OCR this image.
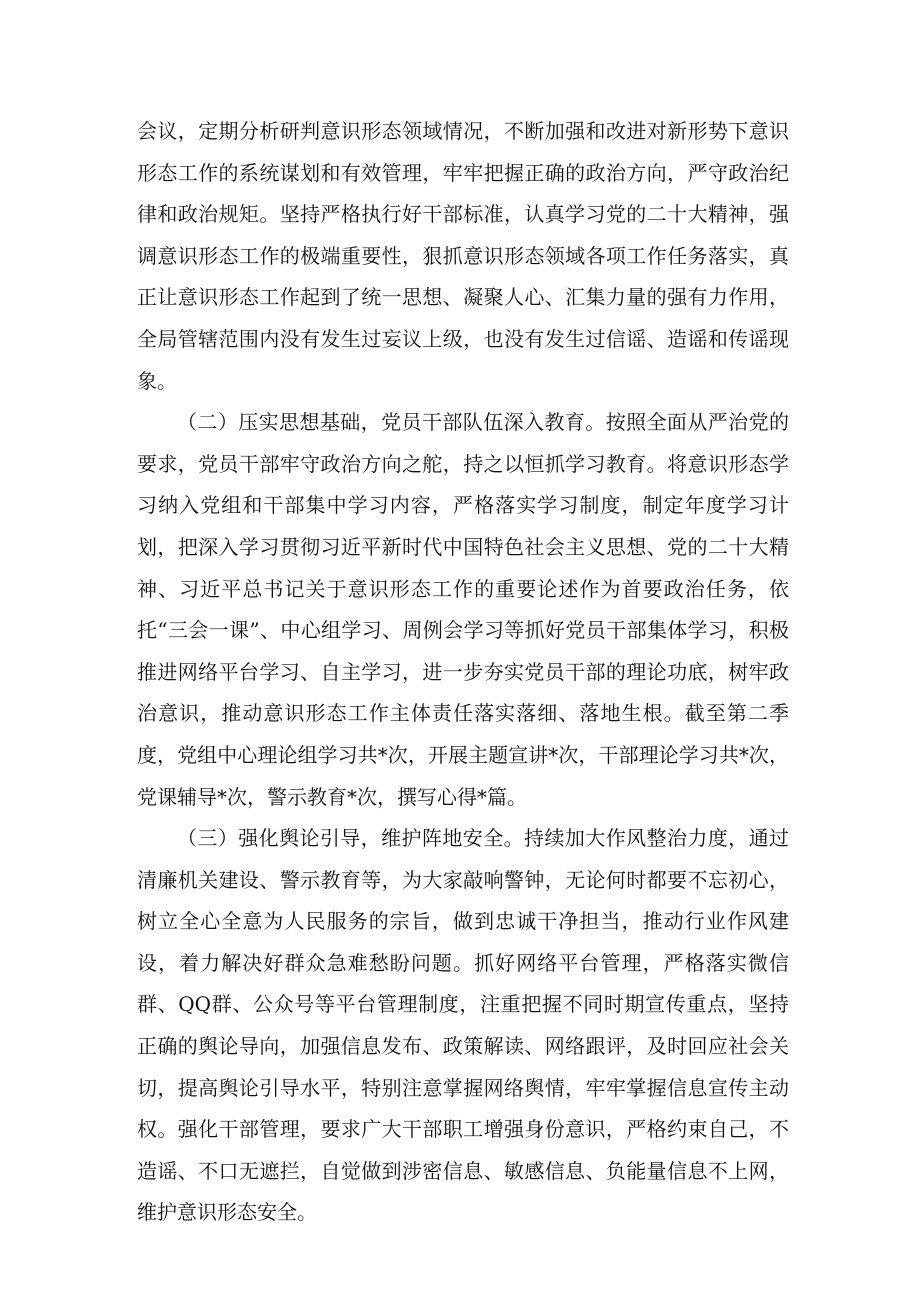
会议，定期分析研判意识形态领域情况，不断加强和改进对新形势下意识形态工作的系统谋划和有效管理，牢牢把握正确的政治方向，严守政治纪律和政治规矩。坚持严格执行好干部标准，认真学习党的二十大精神，强调意识形态工作的极端重要性，狠抓意识形态领域各项工作任务落实，真正让意识形态工作起到了统一思想、凝聚人心、汇集力量的强有力作用，全局管辖范围内没有发生过妄议上级，也没有发生过信谣、造谣和传谣现象。

（二）压实思想基础，党员干部队伍深入教育。按照全面从严治党的要求，党员干部牢守政治方向之舵，持之以恒抓学习教育。将意识形态学习纳入党组和干部集中学习内容，严格落实学习制度，制定年度学习计划，把深入学习贯彻习近平新时代中国特色社会主义思想、党的二十大精神、习近平总书记关于意识形态工作的重要论述作为首要政治任务，依托“三会一课”、中心组学习、周例会学习等抓好党员干部集体学习，积极推进网络平台学习、自主学习，进一步夯实党员干部的理论功底，树牢政治意识，推动意识形态工作主体责任落实落细、落地生根。截至第二季度，党组中心理论组学习共*次，开展主题宣讲*次，干部理论学习共*次，党课辅导*次，警示教育*次，撰写心得*篇。

（三）强化舆论引导，维护阵地安全。持续加大作风整治力度，通过清廉机关建设、警示教育等，为大家敲响警钟，无论何时都要不忘初心，树立全心全意为人民服务的宗旨，做到忠诚干净担当，推动行业作风建设，着力解决好群众急难愁盼问题。抓好网络平台管理，严格落实微信群、QQ群、公众号等平台管理制度，注重把握不同时期宣传重点，坚持正确的舆论导向，加强信息发布、政策解读、网络跟评，及时回应社会关切，提高舆论引导水平，特别注意掌握网络舆情，牢牢掌握信息宣传主动权。强化干部管理，要求广大干部职工增强身份意识，严格约束自己，不造谣、不口无遮拦，自觉做到涉密信息、敏感信息、负能量信息不上网，维护意识形态安全。
